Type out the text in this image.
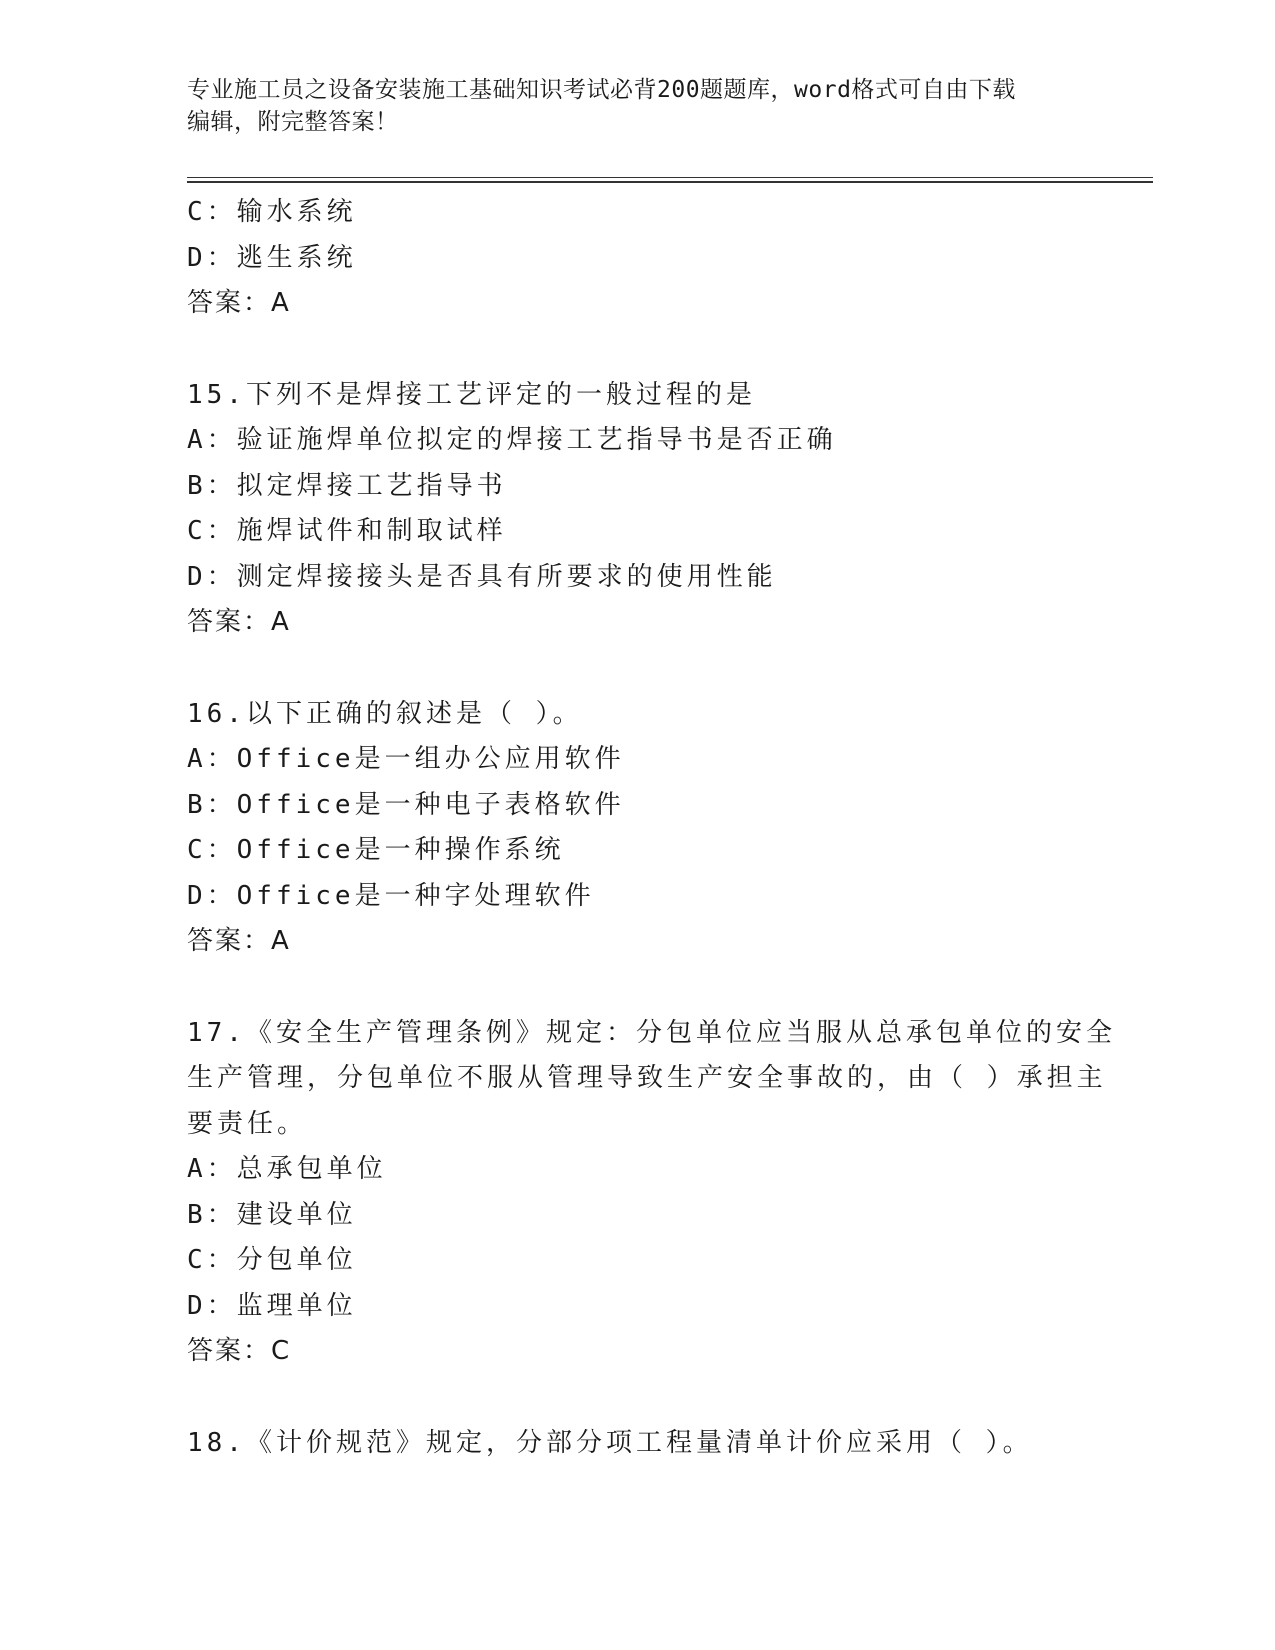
专业施工员之设备安装施工基础知识考试必背200题题库，word格式可自由下载
编辑，附完整答案！
C：输水系统
D：逃生系统
答案：A
15.下列不是焊接工艺评定的一般过程的是
A：验证施焊单位拟定的焊接工艺指导书是否正确
B：拟定焊接工艺指导书
C：施焊试件和制取试样
D：测定焊接接头是否具有所要求的使用性能
答案：A
16.以下正确的叙述是（ ）。
A：Office是一组办公应用软件
B：Office是一种电子表格软件
C：Office是一种操作系统
D：Office是一种字处理软件
答案：A
17.《安全生产管理条例》规定：分包单位应当服从总承包单位的安全
生产管理，分包单位不服从管理导致生产安全事故的，由（ ）承担主
要责任。
A：总承包单位
B：建设单位
C：分包单位
D：监理单位
答案：C
18.《计价规范》规定，分部分项工程量清单计价应采用（ ）。
